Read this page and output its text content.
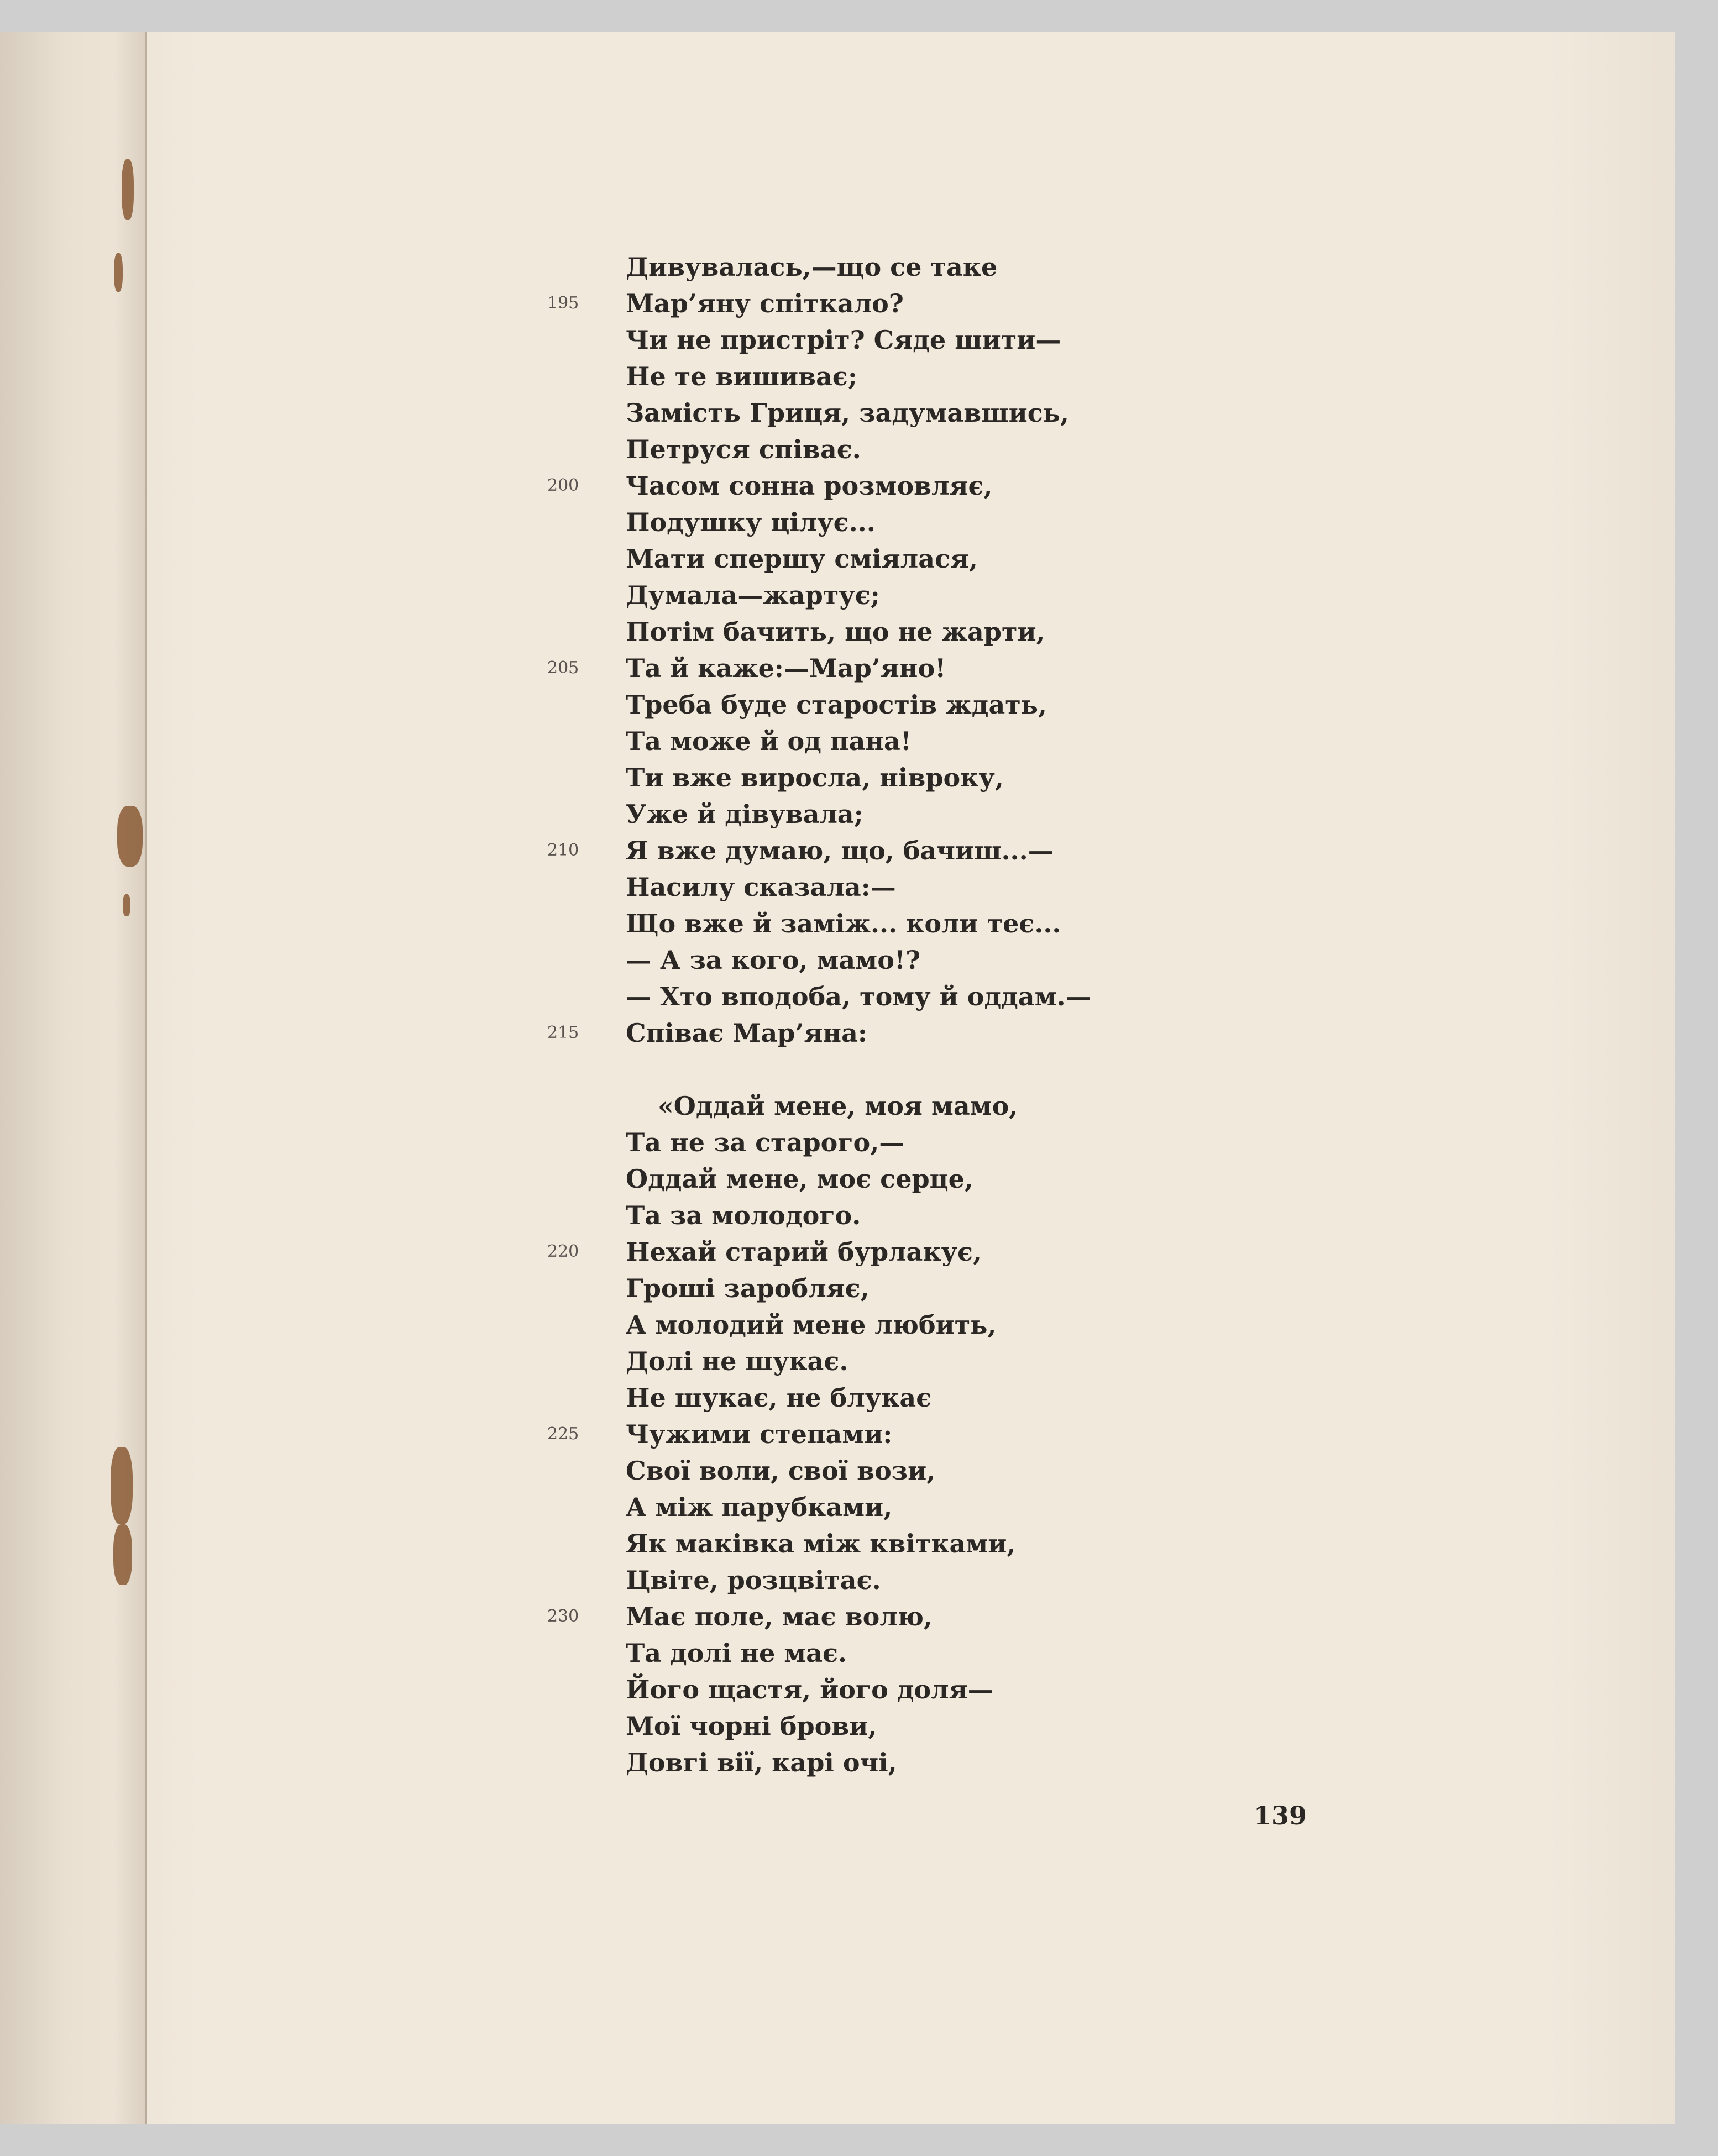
Дивувалась,—що се таке
195	Мар’яну спіткало?
Чи не пристріт? Сяде шити—
Не те вишиває;
Замість Гриця, задумавшись,
Петруся співає.
200	Часом сонна розмовляє,
Подушку цілує...
Мати спершу сміялася,
Думала—жартує;
Потім бачить, що не жарти,
205	Та й каже:—Мар’яно!
Треба буде старостів ждать,
Та може й од пана!
Ти вже виросла, нівроку,
Уже й дівувала;
210	Я вже думаю, що, бачиш...—
Насилу сказала:—
Що вже й заміж... коли теє...
— А за кого, мамо!?
— Хто вподоба, тому й оддам.—
215	Співає Мар’яна:
«Оддай мене, моя мамо,
Та не за старого,—
Оддай мене, моє серце,
Та за молодого.
220	Нехай старий бурлакує,
Гроші заробляє,
А молодий мене любить,
Долі не шукає.
Не шукає, не блукає
225	Чужими степами:
Свої воли, свої вози,
А між парубками,
Як маківка між квітками,
Цвіте, розцвітає.
230	Має поле, має волю,
Та долі не має.
Його щастя, його доля—
Мої чорні брови,
Довгі вії, карі очі,
139
